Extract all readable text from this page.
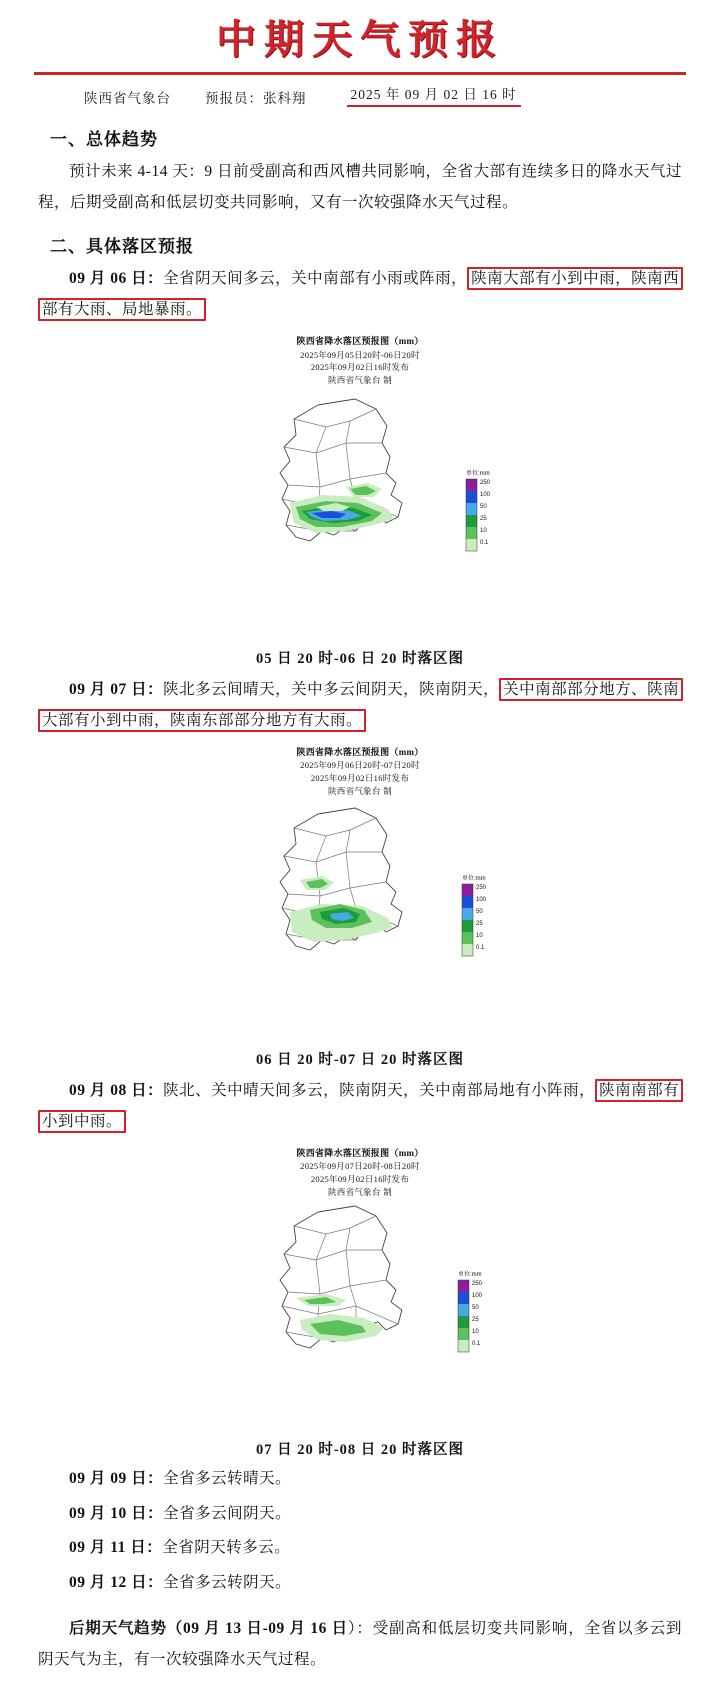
中期天气预报
陕西省气象台	预报员：张科翔	2025 年 09 月 02 日 16 时
一、总体趋势

预计未来 4-14 天：9 日前受副高和西风槽共同影响，全省大部有连续多日的降水天气过程，后期受副高和低层切变共同影响，又有一次较强降水天气过程。

二、具体落区预报

09 月 06 日：全省阴天间多云，关中南部有小雨或阵雨， 陕南大部有小到中雨，陕南西部有大雨、局地暴雨。

陕西省降水落区预报图（mm）
2025年09月05日20时-06日20时
2025年09月02日16时发布
陕西省气象台 制
单位:mm
250
100
50
25
10
0.1
05 日 20 时-06 日 20 时落区图

09 月 07 日：陕北多云间晴天，关中多云间阴天，陕南阴天， 关中南部部分地方、陕南大部有小到中雨，陕南东部部分地方有大雨。

陕西省降水落区预报图（mm）
2025年09月06日20时-07日20时
2025年09月02日16时发布
陕西省气象台 制
单位:mm
250
100
50
25
10
0.1
06 日 20 时-07 日 20 时落区图

09 月 08 日：陕北、关中晴天间多云，陕南阴天，关中南部局地有小阵雨， 陕南南部有小到中雨。

陕西省降水落区预报图（mm）
2025年09月07日20时-08日20时
2025年09月02日16时发布
陕西省气象台 制
单位:mm
250
100
50
25
10
0.1
07 日 20 时-08 日 20 时落区图

09 月 09 日：全省多云转晴天。

09 月 10 日：全省多云间阴天。

09 月 11 日：全省阴天转多云。

09 月 12 日：全省多云转阴天。

后期天气趋势（09 月 13 日-09 月 16 日）：受副高和低层切变共同影响，全省以多云到阴天气为主，有一次较强降水天气过程。
